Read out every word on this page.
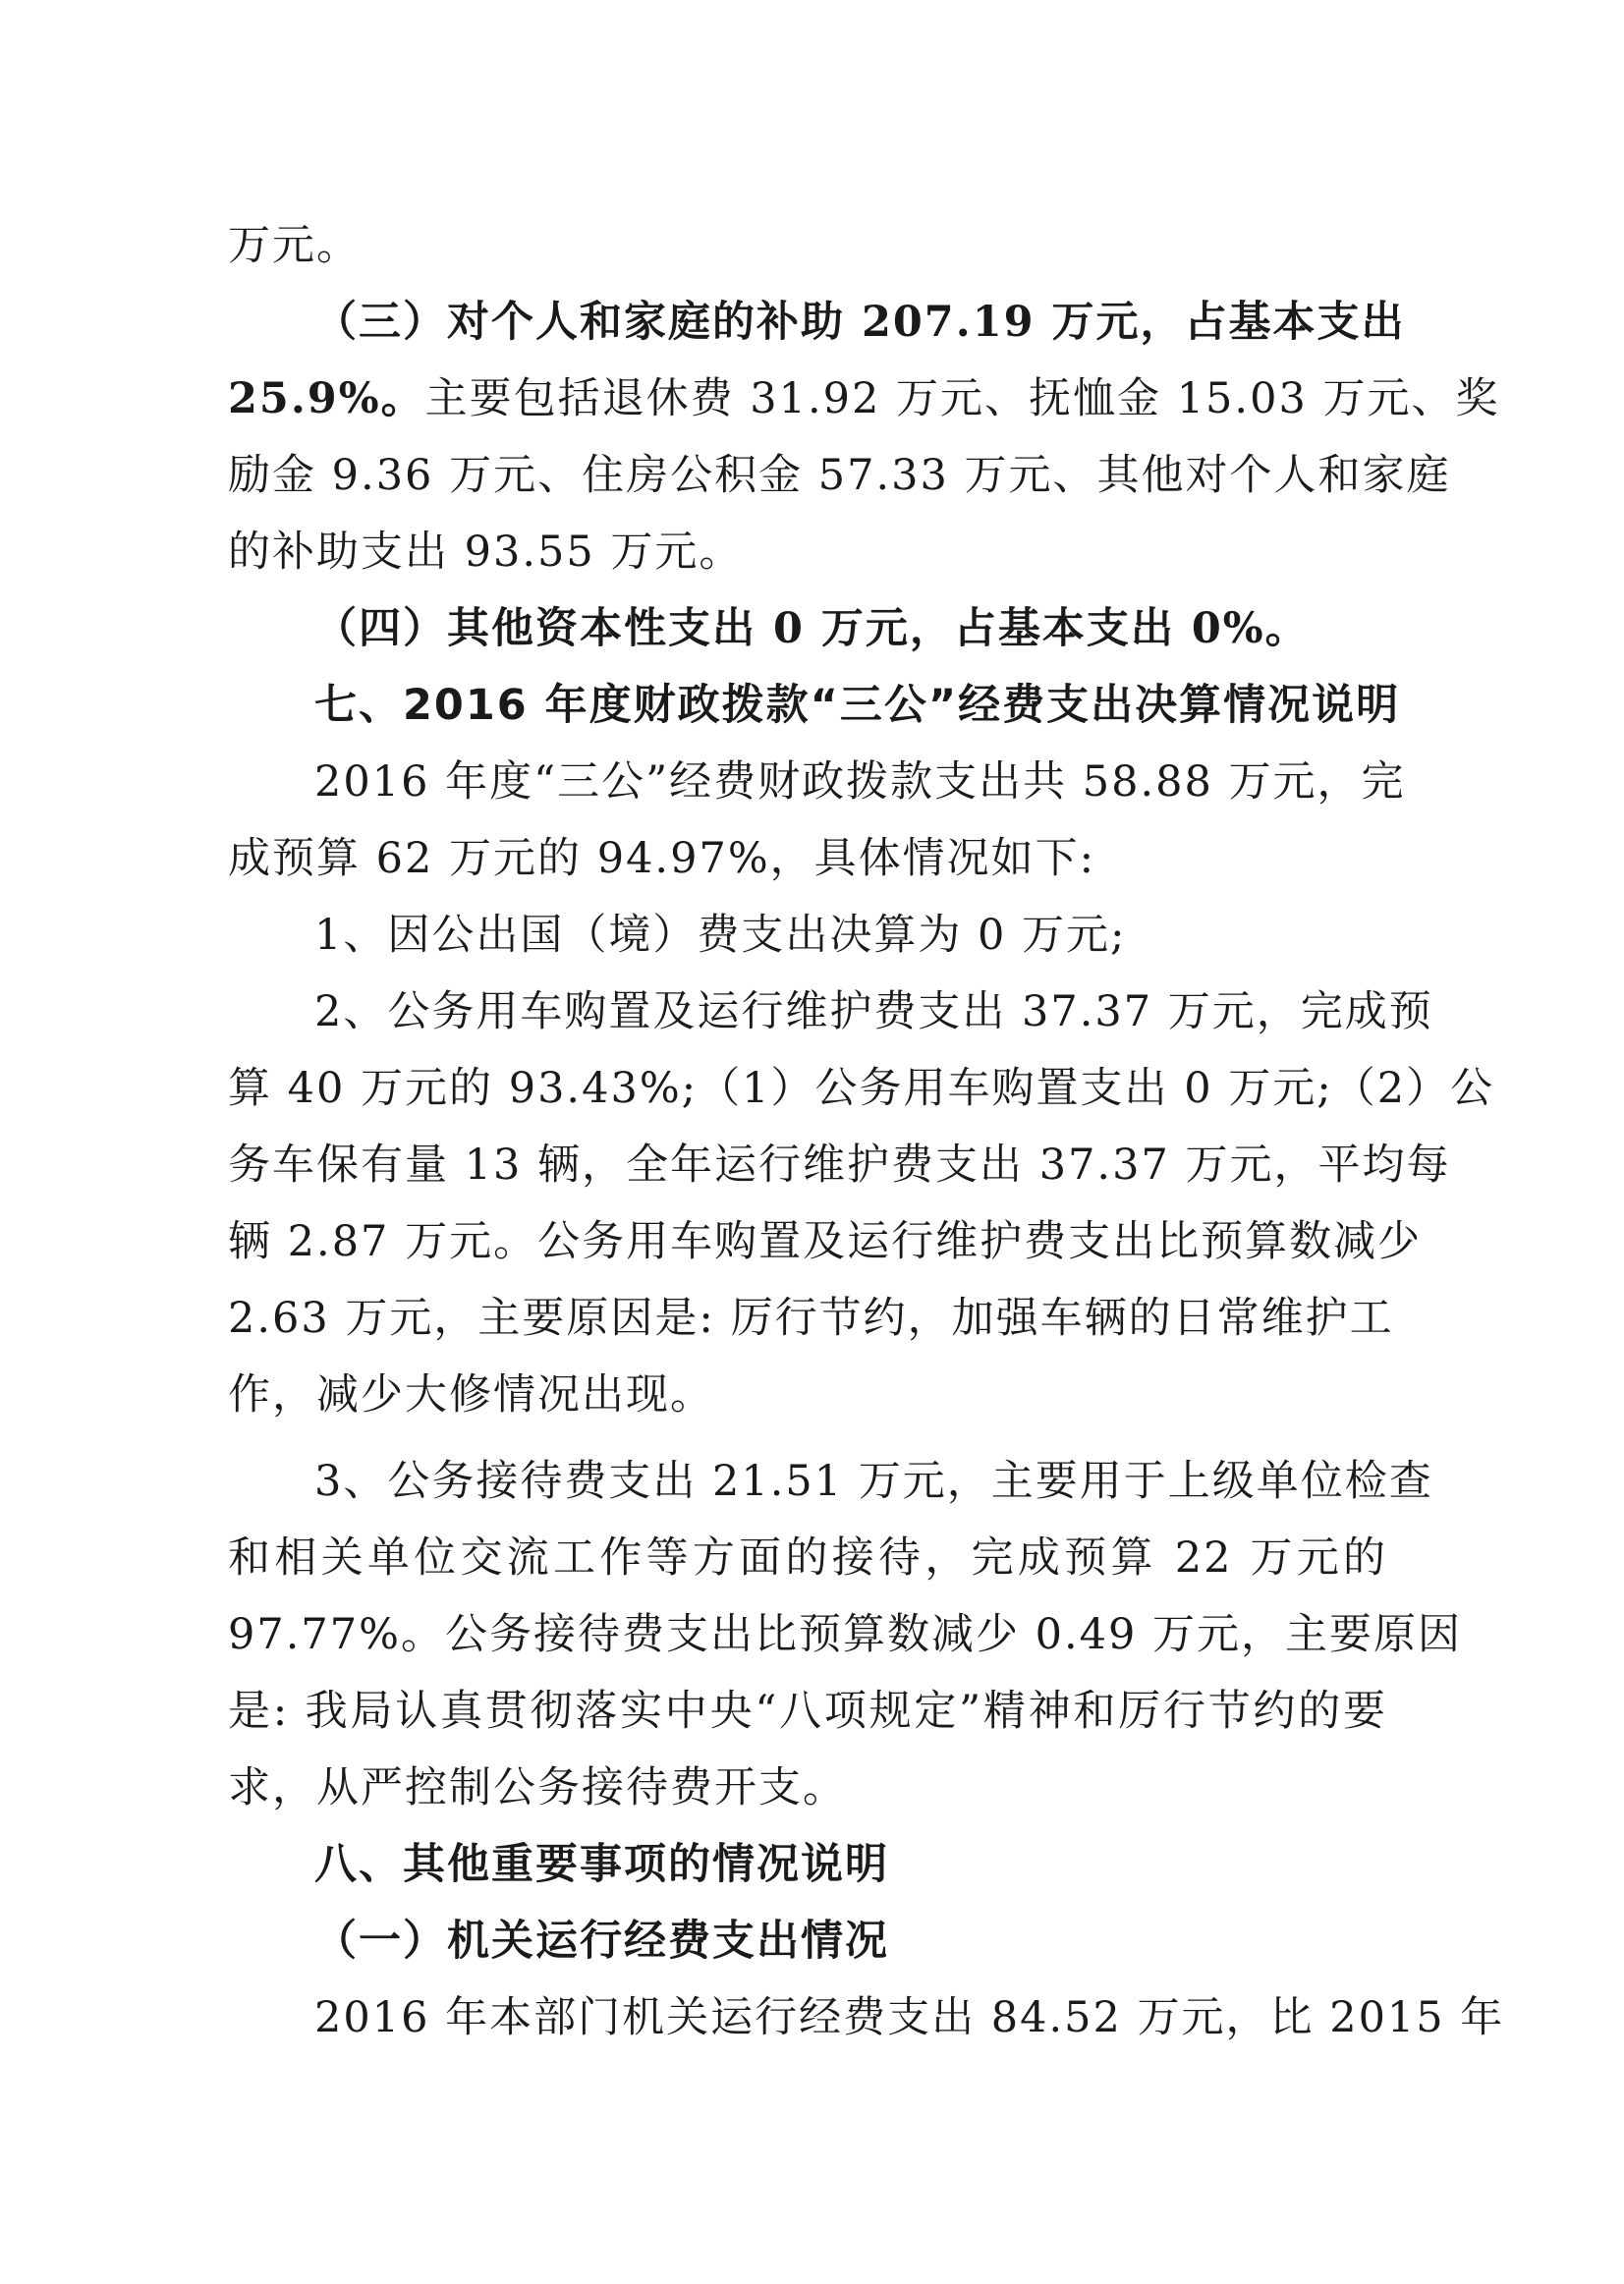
万元。
（三）对个人和家庭的补助 207.19 万元，占基本支出
25.9%。主要包括退休费 31.92 万元、抚恤金 15.03 万元、奖
励金 9.36 万元、住房公积金 57.33 万元、其他对个人和家庭
的补助支出 93.55 万元。
（四）其他资本性支出 0 万元，占基本支出 0%。
七、2016 年度财政拨款“三公”经费支出决算情况说明
2016 年度“三公”经费财政拨款支出共 58.88 万元，完
成预算 62 万元的 94.97%，具体情况如下:
1、因公出国（境）费支出决算为 0 万元;
2、公务用车购置及运行维护费支出 37.37 万元，完成预
算 40 万元的 93.43%;（1）公务用车购置支出 0 万元;（2）公
务车保有量 13 辆，全年运行维护费支出 37.37 万元，平均每
辆 2.87 万元。公务用车购置及运行维护费支出比预算数减少
2.63 万元，主要原因是: 厉行节约，加强车辆的日常维护工
作，减少大修情况出现。
3、公务接待费支出 21.51 万元，主要用于上级单位检查
和相关单位交流工作等方面的接待，完成预算 22 万元的
97.77%。公务接待费支出比预算数减少 0.49 万元，主要原因
是: 我局认真贯彻落实中央“八项规定”精神和厉行节约的要
求，从严控制公务接待费开支。
八、其他重要事项的情况说明
（一）机关运行经费支出情况
2016 年本部门机关运行经费支出 84.52 万元，比 2015 年
